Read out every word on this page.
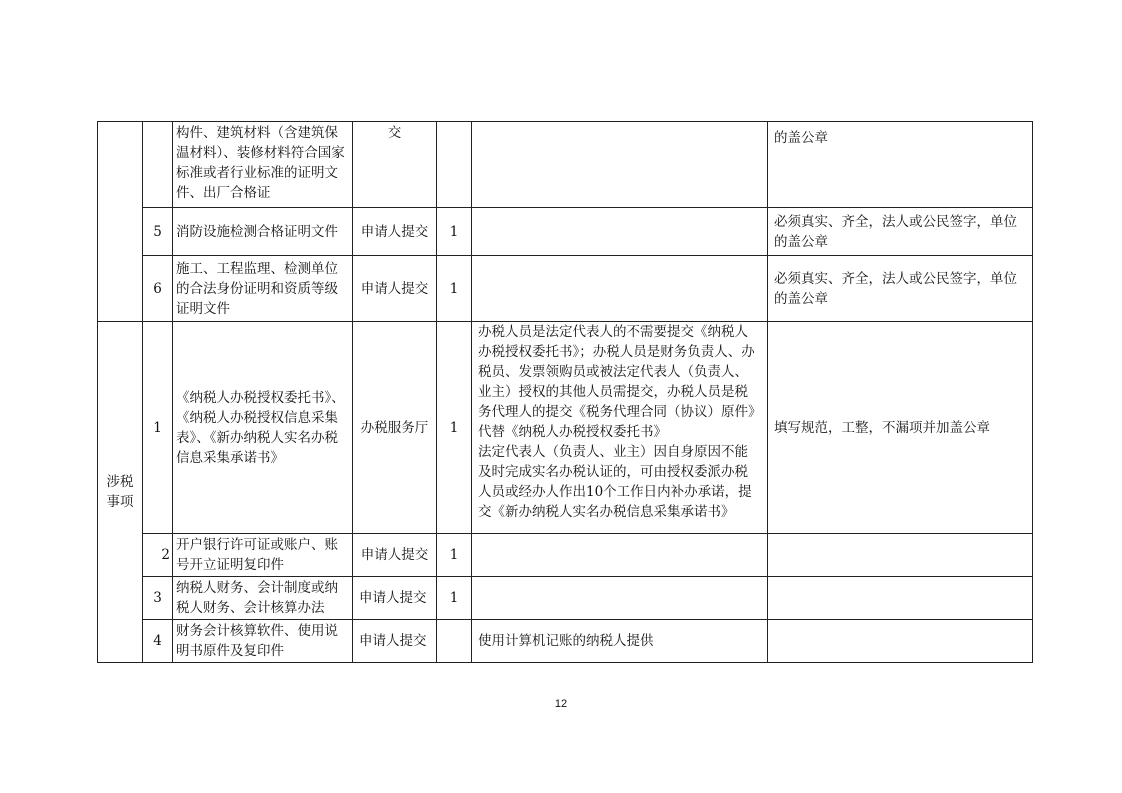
		构件、建筑材料（含建筑保温材料）、装修材料符合国家标准或者行业标准的证明文件、出厂合格证	交			的盖公章
	5	消防设施检测合格证明文件	申请人提交	1		必须真实、齐全，法人或公民签字，单位的盖公章
	6	施工、工程监理、检测单位的合法身份证明和资质等级证明文件	申请人提交	1		必须真实、齐全，法人或公民签字，单位的盖公章
涉税事项	1	《纳税人办税授权委托书》、《纳税人办税授权信息采集表》、《新办纳税人实名办税信息采集承诺书》	办税服务厅	1	办税人员是法定代表人的不需要提交《纳税人办税授权委托书》；办税人员是财务负责人、办税员、发票领购员或被法定代表人（负责人、业主）授权的其他人员需提交，办税人员是税务代理人的提交《税务代理合同（协议）原件》代替《纳税人办税授权委托书》
法定代表人（负责人、业主）因自身原因不能及时完成实名办税认证的，可由授权委派办税人员或经办人作出10个工作日内补办承诺，提交《新办纳税人实名办税信息采集承诺书》	填写规范，工整，不漏项并加盖公章
	2	开户银行许可证或账户、账号开立证明复印件	申请人提交	1		
	3	纳税人财务、会计制度或纳税人财务、会计核算办法	申请人提交	1		
	4	财务会计核算软件、使用说明书原件及复印件	申请人提交		使用计算机记账的纳税人提供	
12
